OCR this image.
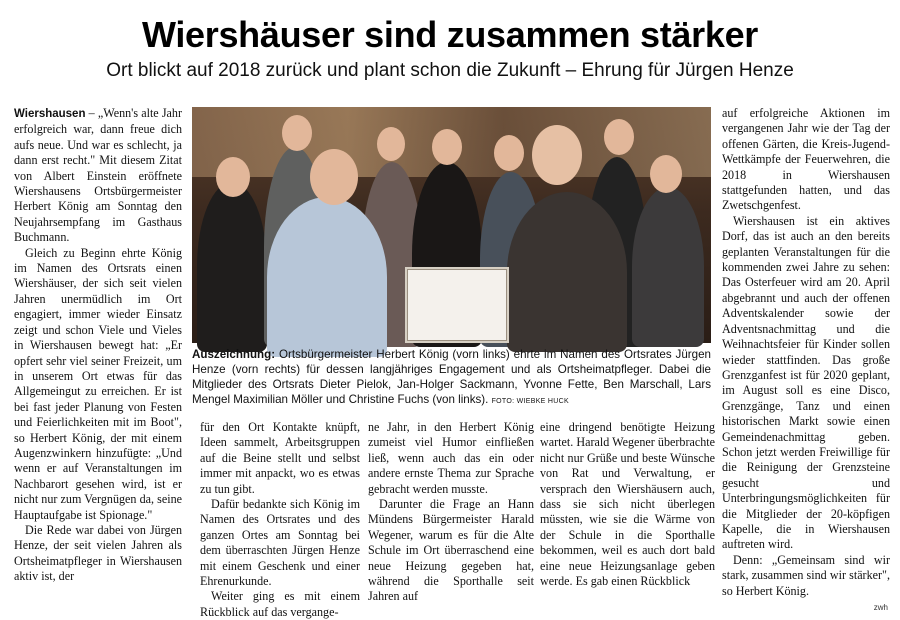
Wiershäuser sind zusammen stärker
Ort blickt auf 2018 zurück und plant schon die Zukunft – Ehrung für Jürgen Henze
Auszeichnung: Ortsbürgermeister Herbert König (vorn links) ehrte im Namen des Ortsrates Jürgen Henze (vorn rechts) für dessen langjähriges Engagement und als Ortsheimatpfleger. Dabei die Mitglieder des Ortsrats Dieter Pielok, Jan-Holger Sackmann, Yvonne Fette, Ben Marschall, Lars Mengel Maximilian Möller und Christine Fuchs (von links). FOTO: WIEBKE HUCK

Wiershausen – „Wenn's alte Jahr erfolgreich war, dann freue dich aufs neue. Und war es schlecht, ja dann erst recht." Mit diesem Zitat von Albert Einstein eröffnete Wiershausens Ortsbürgermeister Herbert König am Sonntag den Neujahrsempfang im Gasthaus Buchmann.

Gleich zu Beginn ehrte König im Namen des Ortsrats einen Wiershäuser, der sich seit vielen Jahren unermüdlich im Ort engagiert, immer wieder Einsatz zeigt und schon Viele und Vieles in Wiershausen bewegt hat: „Er opfert sehr viel seiner Freizeit, um in unserem Ort etwas für das Allgemeingut zu erreichen. Er ist bei fast jeder Planung von Festen und Feierlichkeiten mit im Boot", so Herbert König, der mit einem Augenzwinkern hinzufügte: „Und wenn er auf Veranstaltungen im Nachbarort gesehen wird, ist er nicht nur zum Vergnügen da, seine Hauptaufgabe ist Spionage."

Die Rede war dabei von Jürgen Henze, der seit vielen Jahren als Ortsheimatpfleger in Wiershausen aktiv ist, der

für den Ort Kontakte knüpft, Ideen sammelt, Arbeitsgruppen auf die Beine stellt und selbst immer mit anpackt, wo es etwas zu tun gibt.

Dafür bedankte sich König im Namen des Ortsrates und des ganzen Ortes am Sonntag bei dem überraschten Jürgen Henze mit einem Geschenk und einer Ehrenurkunde.

Weiter ging es mit einem Rückblick auf das vergange-

ne Jahr, in den Herbert König zumeist viel Humor einfließen ließ, wenn auch das ein oder andere ernste Thema zur Sprache gebracht werden musste.

Darunter die Frage an Hann Mündens Bürgermeister Harald Wegener, warum es für die Alte Schule im Ort überraschend eine neue Heizung gegeben hat, während die Sporthalle seit Jahren auf

eine dringend benötigte Heizung wartet. Harald Wegener überbrachte nicht nur Grüße und beste Wünsche von Rat und Verwaltung, er versprach den Wiershäusern auch, dass sie sich nicht überlegen müssten, wie sie die Wärme von der Schule in die Sporthalle bekommen, weil es auch dort bald eine neue Heizungsanlage geben werde. Es gab einen Rückblick

auf erfolgreiche Aktionen im vergangenen Jahr wie der Tag der offenen Gärten, die Kreis-Jugend-Wettkämpfe der Feuerwehren, die 2018 in Wiershausen stattgefunden hatten, und das Zwetschgenfest.

Wiershausen ist ein aktives Dorf, das ist auch an den bereits geplanten Veranstaltungen für die kommenden zwei Jahre zu sehen: Das Osterfeuer wird am 20. April abgebrannt und auch der offenen Adventskalender sowie der Adventsnachmittag und die Weihnachtsfeier für Kinder sollen wieder stattfinden. Das große Grenzganfest ist für 2020 geplant, im August soll es eine Disco, Grenzgänge, Tanz und einen historischen Markt sowie einen Gemeindenachmittag geben. Schon jetzt werden Freiwillige für die Reinigung der Grenzsteine gesucht und Unterbringungsmöglichkeiten für die Mitglieder der 20-köpfigen Kapelle, die in Wiershausen auftreten wird.

Denn: „Gemeinsam sind wir stark, zusammen sind wir stärker", so Herbert König.

zwh
